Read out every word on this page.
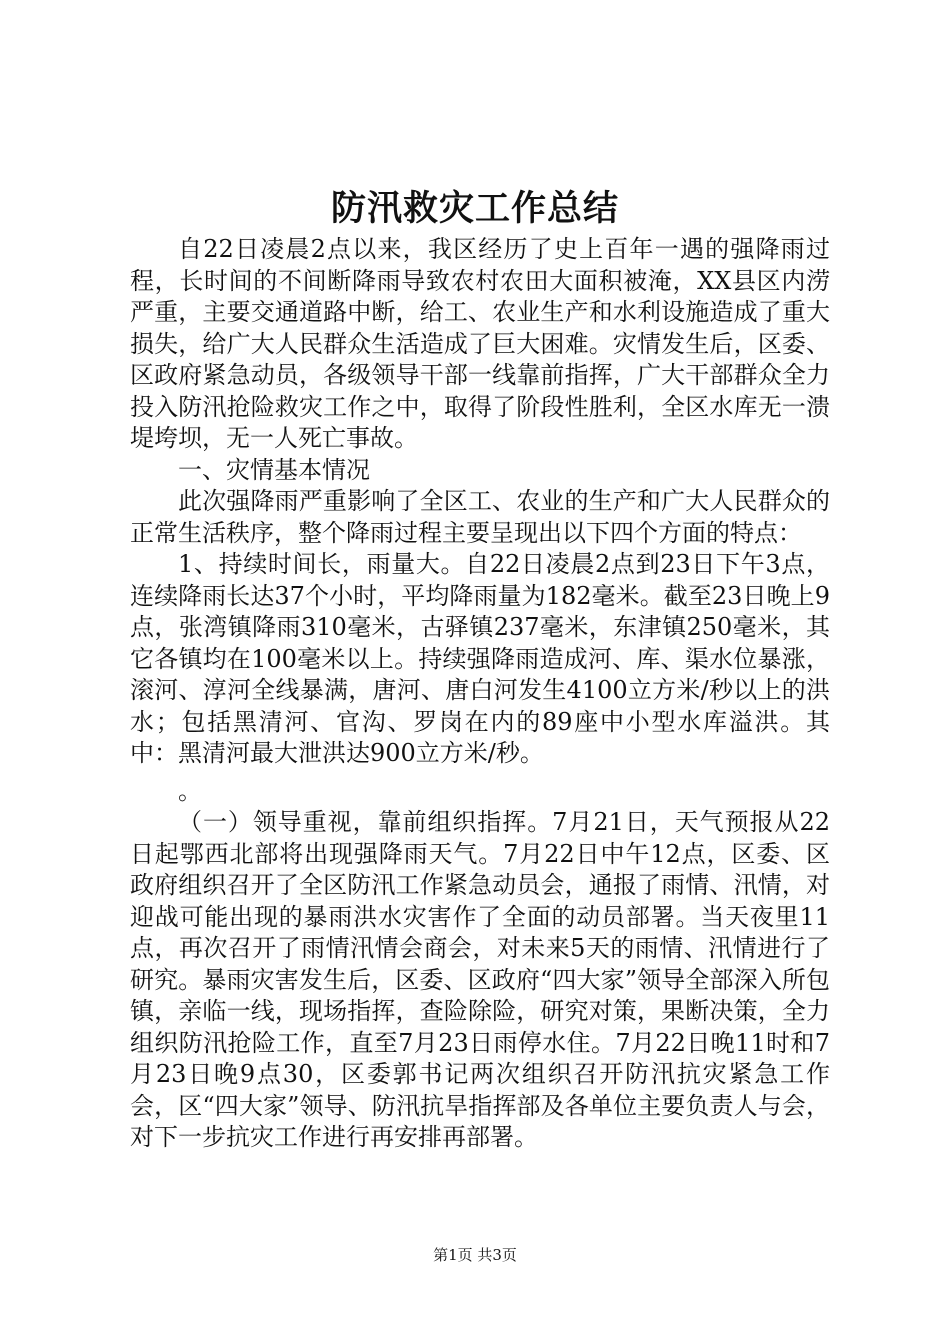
防汛救灾工作总结

自22日凌晨2点以来，我区经历了史上百年一遇的强降雨过程，长时间的不间断降雨导致农村农田大面积被淹，XX县区内涝严重，主要交通道路中断，给工、农业生产和水利设施造成了重大损失，给广大人民群众生活造成了巨大困难。灾情发生后，区委、区政府紧急动员，各级领导干部一线靠前指挥，广大干部群众全力投入防汛抢险救灾工作之中，取得了阶段性胜利，全区水库无一溃堤垮坝，无一人死亡事故。

一、灾情基本情况

此次强降雨严重影响了全区工、农业的生产和广大人民群众的正常生活秩序，整个降雨过程主要呈现出以下四个方面的特点：

1、持续时间长，雨量大。自22日凌晨2点到23日下午3点，连续降雨长达37个小时，平均降雨量为182毫米。截至23日晚上9点，张湾镇降雨310毫米，古驿镇237毫米，东津镇250毫米，其它各镇均在100毫米以上。持续强降雨造成河、库、渠水位暴涨，滚河、淳河全线暴满，唐河、唐白河发生4100立方米/秒以上的洪水；包括黑清河、官沟、罗岗在内的89座中小型水库溢洪。其中：黑清河最大泄洪达900立方米/秒。

。

（一）领导重视，靠前组织指挥。7月21日，天气预报从22日起鄂西北部将出现强降雨天气。7月22日中午12点，区委、区政府组织召开了全区防汛工作紧急动员会，通报了雨情、汛情，对迎战可能出现的暴雨洪水灾害作了全面的动员部署。当天夜里11点，再次召开了雨情汛情会商会，对未来5天的雨情、汛情进行了研究。暴雨灾害发生后，区委、区政府“四大家”领导全部深入所包镇，亲临一线，现场指挥，查险除险，研究对策，果断决策，全力组织防汛抢险工作，直至7月23日雨停水住。7月22日晚11时和7月23日晚9点30，区委郭书记两次组织召开防汛抗灾紧急工作会，区“四大家”领导、防汛抗旱指挥部及各单位主要负责人与会，对下一步抗灾工作进行再安排再部署。

第1页 共3页
